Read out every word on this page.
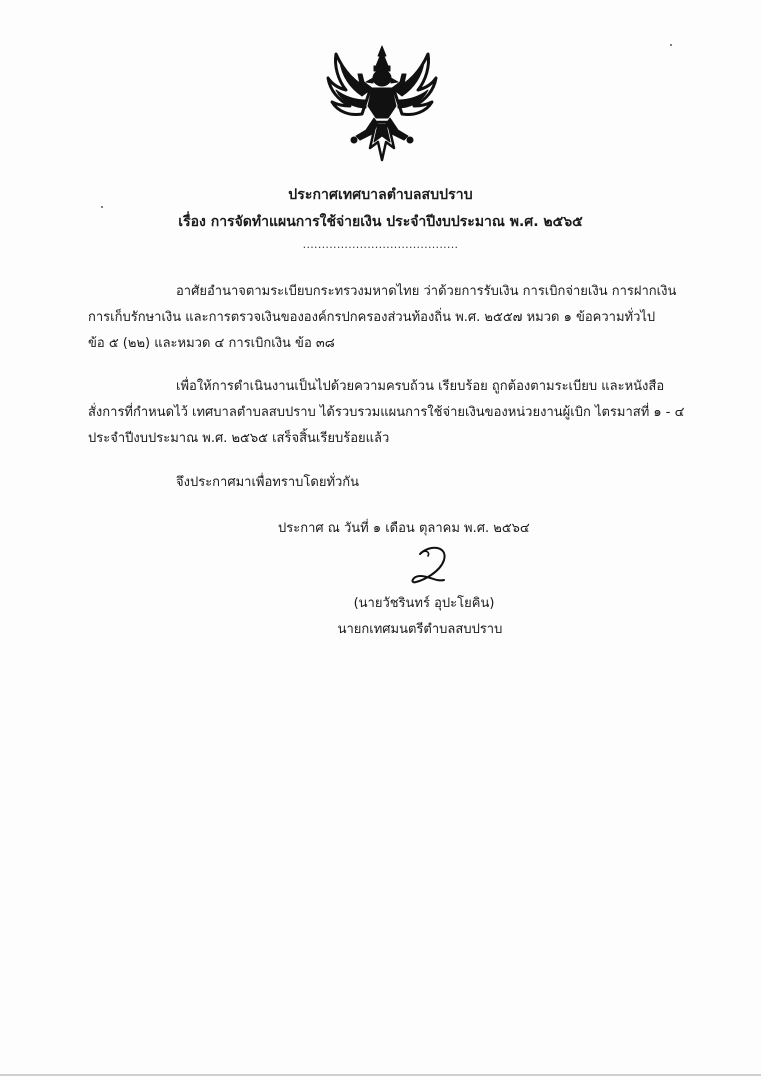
ประกาศเทศบาลตำบลสบปราบ
เรื่อง การจัดทำแผนการใช้จ่ายเงิน ประจำปีงบประมาณ พ.ศ. ๒๕๖๕
.........................................
อาศัยอำนาจตามระเบียบกระทรวงมหาดไทย ว่าด้วยการรับเงิน การเบิกจ่ายเงิน การฝากเงิน
การเก็บรักษาเงิน และการตรวจเงินขององค์กรปกครองส่วนท้องถิ่น พ.ศ. ๒๕๕๗ หมวด ๑ ข้อความทั่วไป
ข้อ ๕ (๒๒) และหมวด ๔ การเบิกเงิน ข้อ ๓๘
เพื่อให้การดำเนินงานเป็นไปด้วยความครบถ้วน เรียบร้อย ถูกต้องตามระเบียบ และหนังสือ
สั่งการที่กำหนดไว้ เทศบาลตำบลสบปราบ ได้รวบรวมแผนการใช้จ่ายเงินของหน่วยงานผู้เบิก ไตรมาสที่ ๑ - ๔
ประจำปีงบประมาณ พ.ศ. ๒๕๖๕ เสร็จสิ้นเรียบร้อยแล้ว
จึงประกาศมาเพื่อทราบโดยทั่วกัน
ประกาศ ณ วันที่ ๑ เดือน ตุลาคม พ.ศ. ๒๕๖๔
(นายวัชรินทร์ อุปะโยคิน)
นายกเทศมนตรีตำบลสบปราบ
